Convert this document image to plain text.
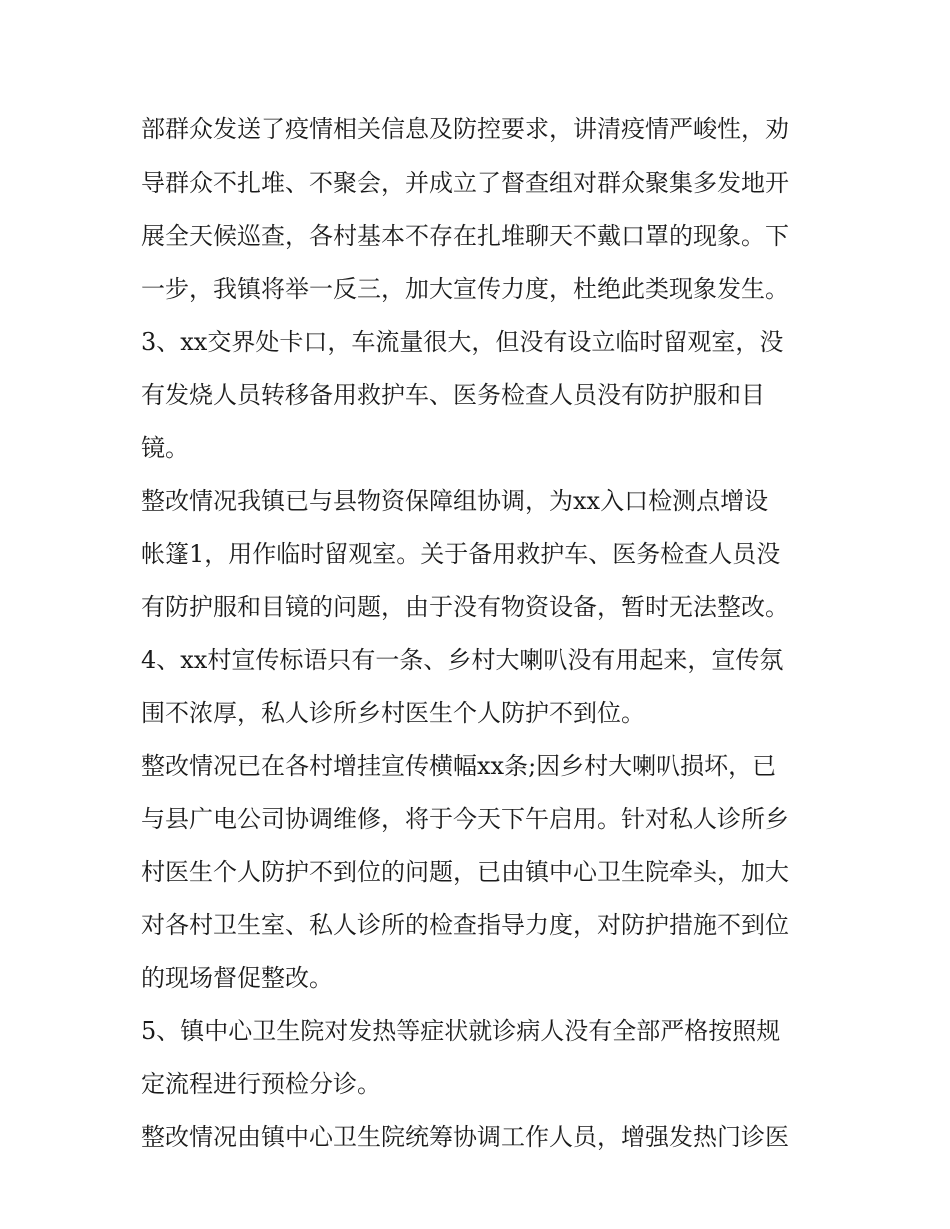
部群众发送了疫情相关信息及防控要求，讲清疫情严峻性，劝
导群众不扎堆、不聚会，并成立了督查组对群众聚集多发地开
展全天候巡查，各村基本不存在扎堆聊天不戴口罩的现象。下
一步，我镇将举一反三，加大宣传力度，杜绝此类现象发生。
3、xx交界处卡口，车流量很大，但没有设立临时留观室，没
有发烧人员转移备用救护车、医务检查人员没有防护服和目
镜。
整改情况我镇已与县物资保障组协调，为xx入口检测点增设
帐篷1，用作临时留观室。关于备用救护车、医务检查人员没
有防护服和目镜的问题，由于没有物资设备，暂时无法整改。
4、xx村宣传标语只有一条、乡村大喇叭没有用起来，宣传氛
围不浓厚，私人诊所乡村医生个人防护不到位。
整改情况已在各村增挂宣传横幅xx条;因乡村大喇叭损坏，已
与县广电公司协调维修，将于今天下午启用。针对私人诊所乡
村医生个人防护不到位的问题，已由镇中心卫生院牵头，加大
对各村卫生室、私人诊所的检查指导力度，对防护措施不到位
的现场督促整改。
5、镇中心卫生院对发热等症状就诊病人没有全部严格按照规
定流程进行预检分诊。
整改情况由镇中心卫生院统筹协调工作人员，增强发热门诊医
